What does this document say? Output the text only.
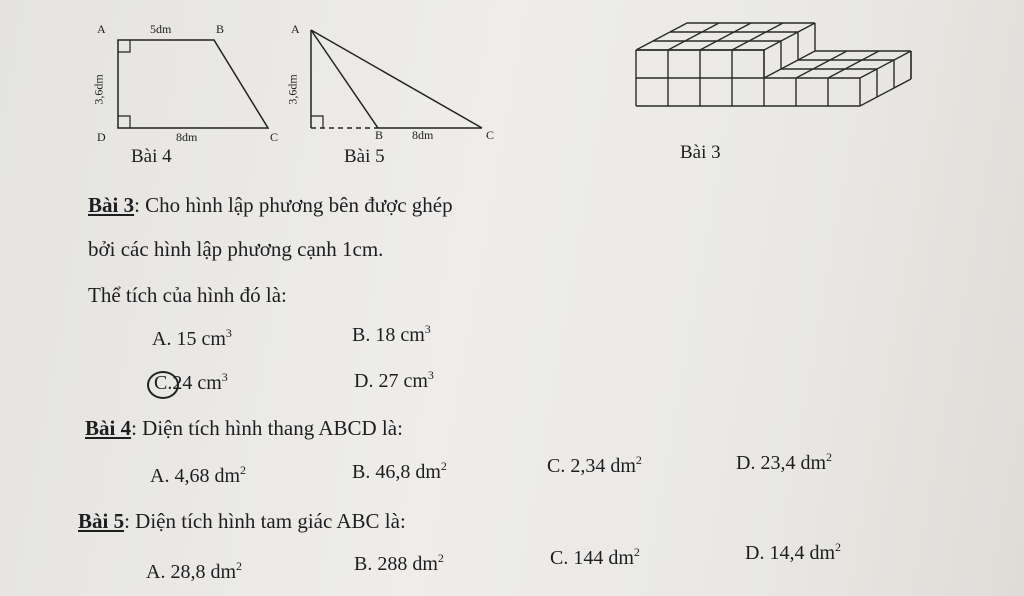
A	5dm	B
D	8dm	C
3,6dm
Bài 4
A
B 8dm	C
3,6dm
Bài 5	Bài 3
Bài 3: Cho hình lập phương bên được ghép
bởi các hình lập phương cạnh 1cm.
Thể tích của hình đó là:
A. 15 $cm^3$	B. 18 $cm^3$
C.24 $cm^3$	D. 27 $cm^3$
Bài 4: Diện tích hình thang ABCD là:
A. 4,68 $dm^2$	B. 46,8 $dm^2$	C. 2,34 $dm^2$	D. 23,4 $dm^2$
Bài 5: Diện tích hình tam giác ABC là:
A. 28,8 $dm^2$	B. 288 $dm^2$	C. 144 $dm^2$	D. 14,4 $dm^2$
